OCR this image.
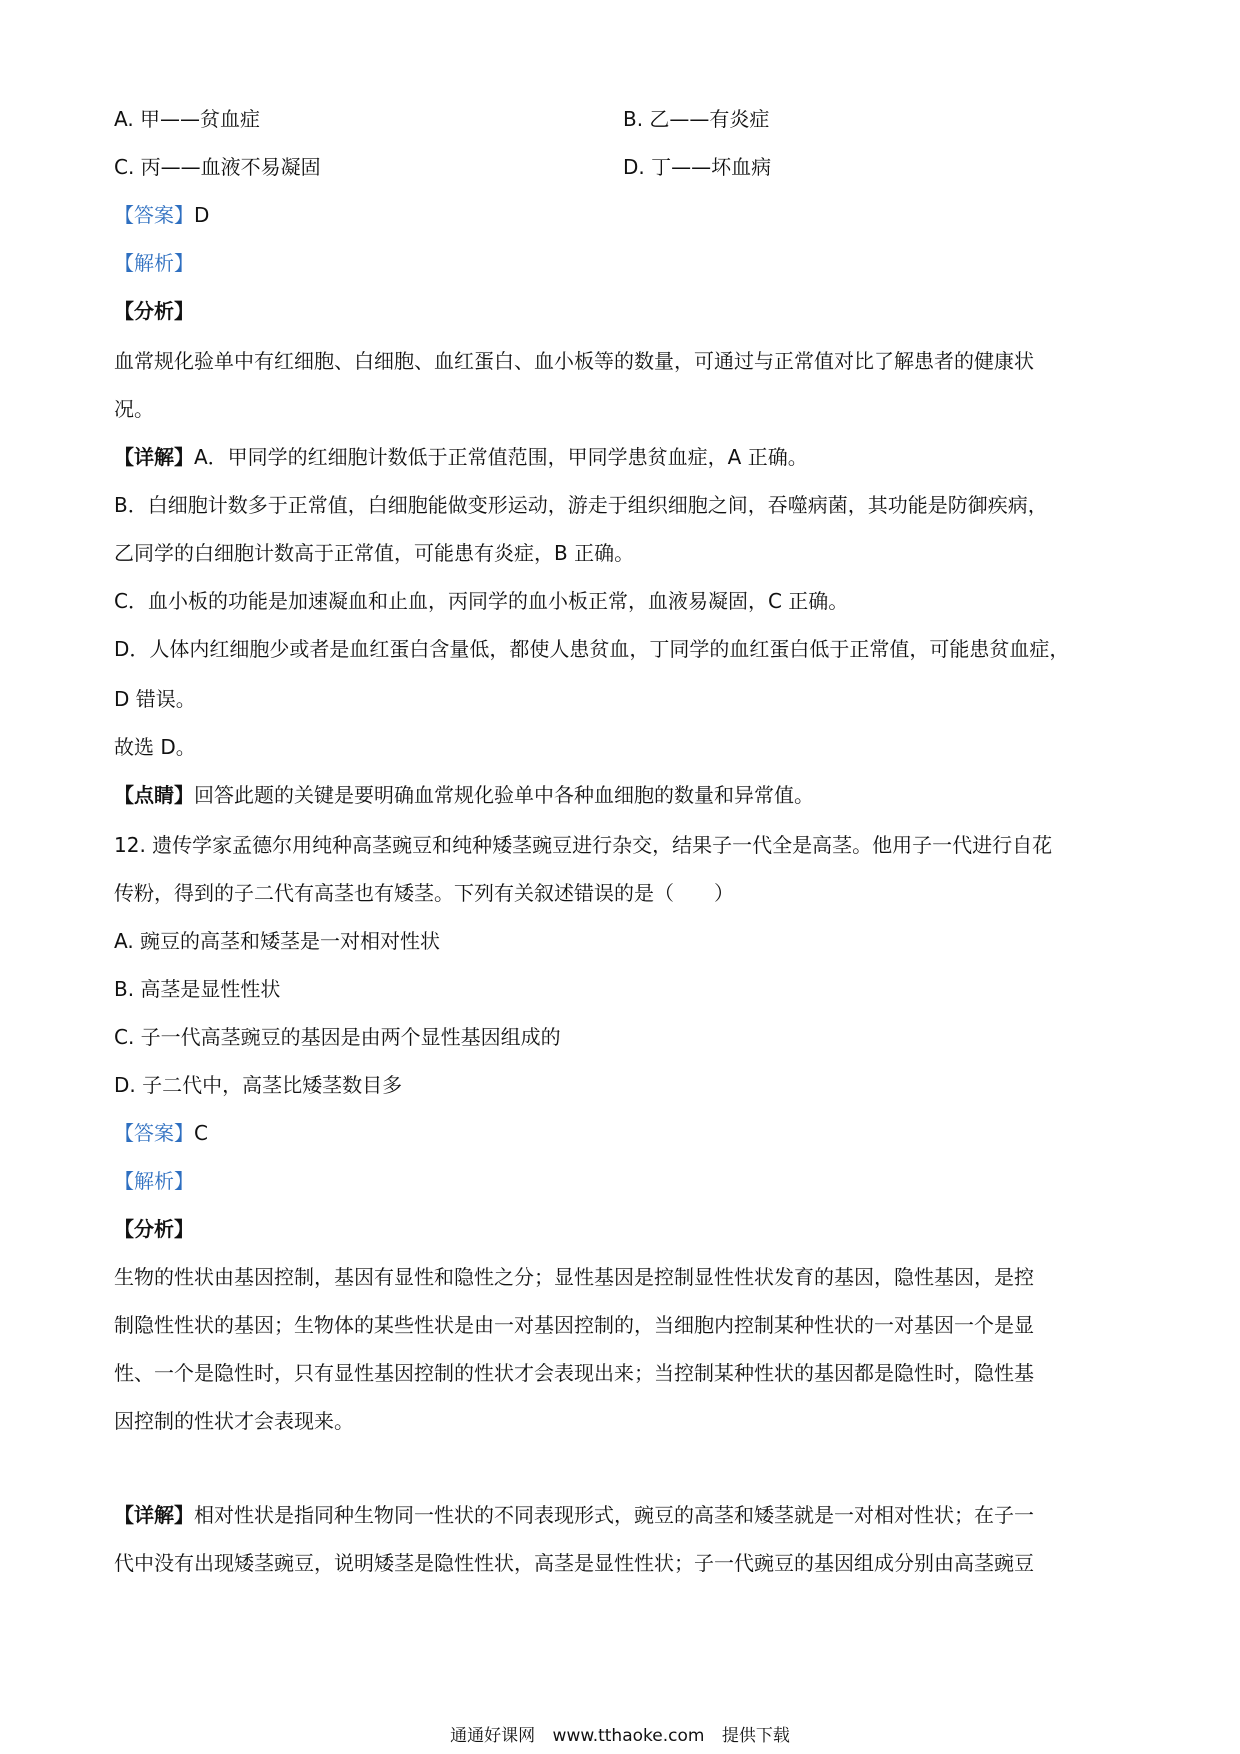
A. 甲——贫血症	B. 乙——有炎症
C. 丙——血液不易凝固	D. 丁——坏血病
【答案】D
【解析】
【分析】
血常规化验单中有红细胞、白细胞、血红蛋白、血小板等的数量，可通过与正常值对比了解患者的健康状
况。
【详解】A．甲同学的红细胞计数低于正常值范围，甲同学患贫血症，A 正确。
B．白细胞计数多于正常值，白细胞能做变形运动，游走于组织细胞之间，吞噬病菌，其功能是防御疾病，
乙同学的白细胞计数高于正常值，可能患有炎症，B 正确。
C．血小板的功能是加速凝血和止血，丙同学的血小板正常，血液易凝固，C 正确。
D．人体内红细胞少或者是血红蛋白含量低，都使人患贫血，丁同学的血红蛋白低于正常值，可能患贫血症，
D 错误。
故选 D。
【点睛】回答此题的关键是要明确血常规化验单中各种血细胞的数量和异常值。
12. 遗传学家孟德尔用纯种高茎豌豆和纯种矮茎豌豆进行杂交，结果子一代全是高茎。他用子一代进行自花
传粉，得到的子二代有高茎也有矮茎。下列有关叙述错误的是（　　）
A. 豌豆的高茎和矮茎是一对相对性状
B. 高茎是显性性状
C. 子一代高茎豌豆的基因是由两个显性基因组成的
D. 子二代中，高茎比矮茎数目多
【答案】C
【解析】
【分析】
生物的性状由基因控制，基因有显性和隐性之分；显性基因是控制显性性状发育的基因，隐性基因，是控
制隐性性状的基因；生物体的某些性状是由一对基因控制的，当细胞内控制某种性状的一对基因一个是显
性、一个是隐性时，只有显性基因控制的性状才会表现出来；当控制某种性状的基因都是隐性时，隐性基
因控制的性状才会表现来。
【详解】相对性状是指同种生物同一性状的不同表现形式，豌豆的高茎和矮茎就是一对相对性状；在子一
代中没有出现矮茎豌豆，说明矮茎是隐性性状，高茎是显性性状；子一代豌豆的基因组成分别由高茎豌豆
通通好课网 www.tthaoke.com 提供下载
